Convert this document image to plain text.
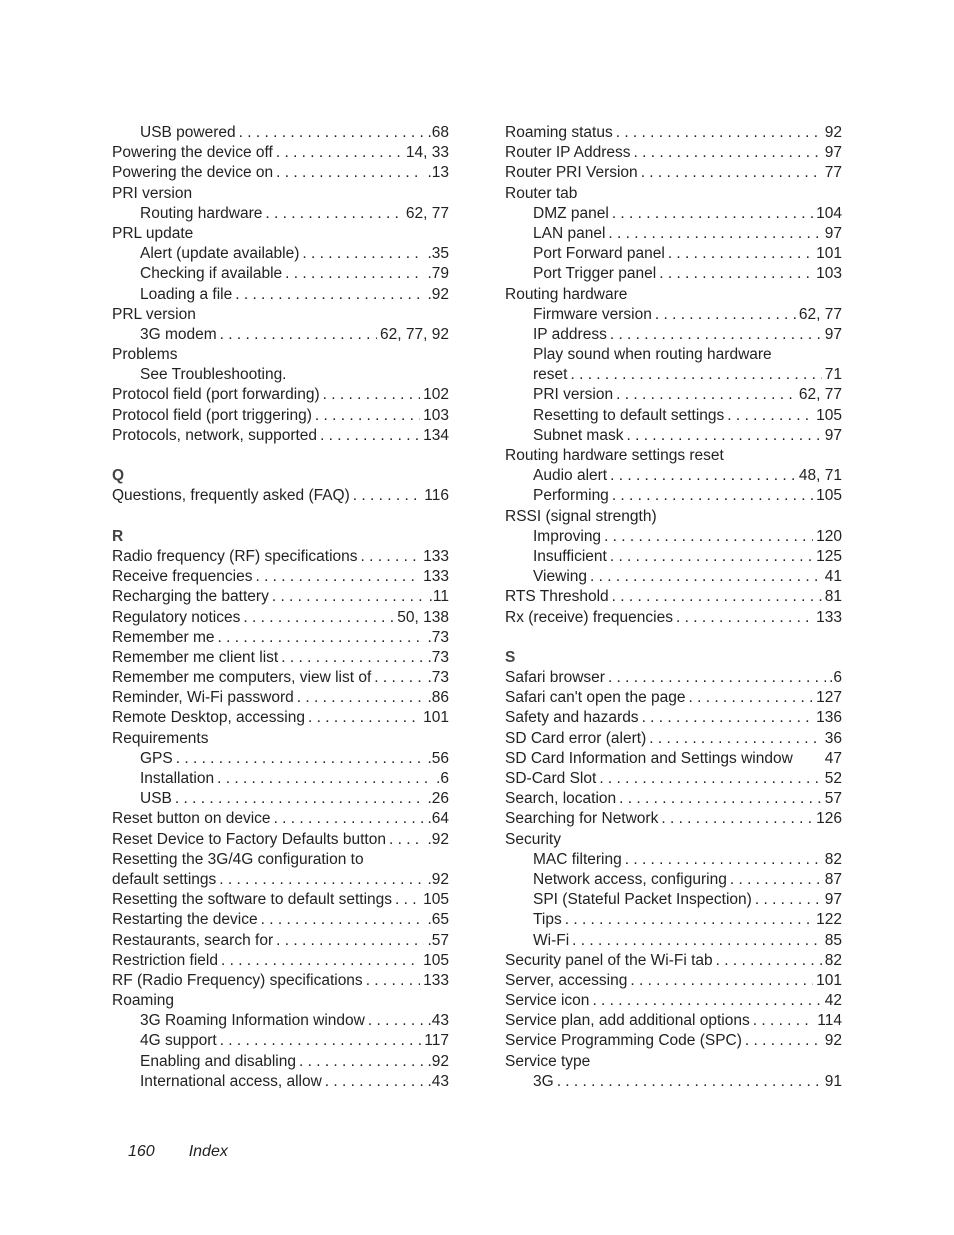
USB powered . . .	.68
Powering the device off . . .	14, 33
Powering the device on . . .	.13
PRI version
Routing hardware . . .	62, 77
PRL update
Alert (update available) . . .	.35
Checking if available . . .	.79
Loading a file . . .	.92
PRL version
3G modem . . .	62, 77, 92
Problems
See Troubleshooting.
Protocol field (port forwarding) . . .	102
Protocol field (port triggering) . . .	103
Protocols, network, supported . . .	134
Q
Questions, frequently asked (FAQ) . . .	116
R
Radio frequency (RF) specifications . . .	133
Receive frequencies . . .	133
Recharging the battery . . .	.11
Regulatory notices . . .	50, 138
Remember me . . .	.73
Remember me client list . . .	.73
Remember me computers, view list of . . .	.73
Reminder, Wi-Fi password . . .	.86
Remote Desktop, accessing . . .	101
Requirements
GPS . . .	.56
Installation . . .	.6
USB . . .	.26
Reset button on device . . .	.64
Reset Device to Factory Defaults button . . .	.92
Resetting the 3G/4G configuration to
default settings . . .	.92
Resetting the software to default settings . . . 105
Restarting the device . . .	.65
Restaurants, search for . . .	.57
Restriction field . . .	105
RF (Radio Frequency) specifications . . .	133
Roaming
3G Roaming Information window . . .	.43
4G support . . .	117
Enabling and disabling . . .	.92
International access, allow . . .	.43
Roaming status . . .	92
Router IP Address . . .	97
Router PRI Version . . .	77
Router tab
DMZ panel . . .	104
LAN panel . . .	97
Port Forward panel . . .	101
Port Trigger panel . . .	103
Routing hardware
Firmware version . . .	62, 77
IP address . . .	97
Play sound when routing hardware
reset . . .	71
PRI version . . .	62, 77
Resetting to default settings . . .	105
Subnet mask . . .	97
Routing hardware settings reset
Audio alert . . .	48, 71
Performing . . .	105
RSSI (signal strength)
Improving . . .	120
Insufficient . . .	125
Viewing . . .	41
RTS Threshold . . .	81
Rx (receive) frequencies . . .	133
S
Safari browser . . .	.6
Safari can't open the page . . .	127
Safety and hazards . . .	136
SD Card error (alert) . . .	36
SD Card Information and Settings window 47
SD-Card Slot . . .	52
Search, location . . .	57
Searching for Network . . .	126
Security
MAC filtering . . .	82
Network access, configuring . . .	87
SPI (Stateful Packet Inspection) . . .	97
Tips . . .	122
Wi-Fi . . .	85
Security panel of the Wi-Fi tab . . .	82
Server, accessing . . .	101
Service icon . . .	42
Service plan, add additional options . . .	114
Service Programming Code (SPC) . . .	92
Service type
3G . . .	91
160 Index
